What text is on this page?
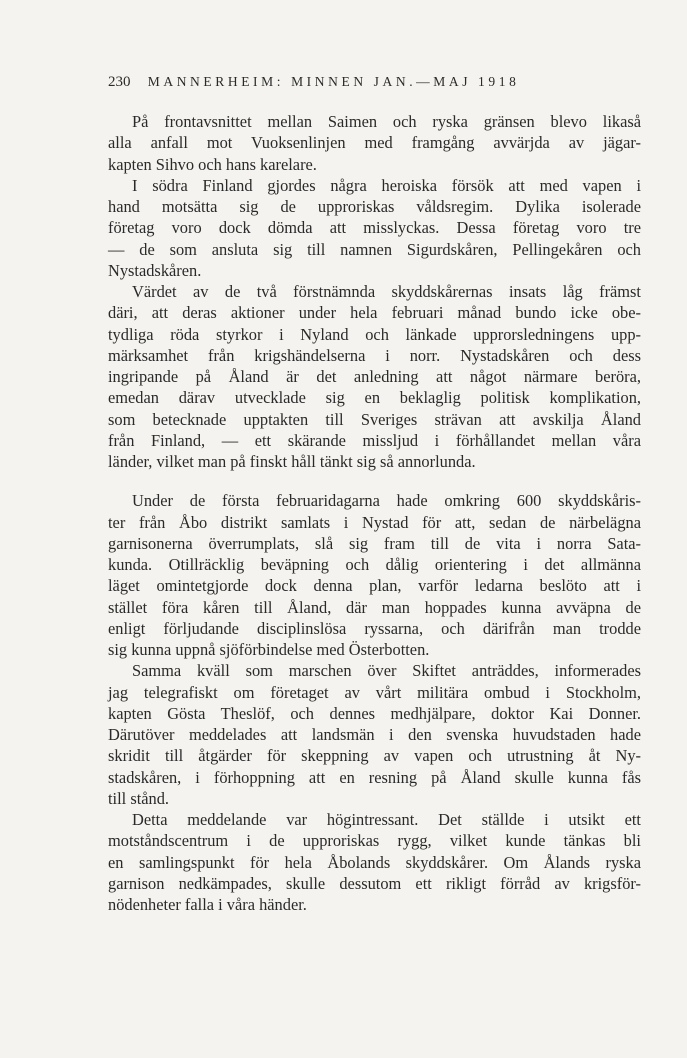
230 MANNERHEIM: MINNEN JAN.—MAJ 1918
På frontavsnittet mellan Saimen och ryska gränsen blevo likaså
alla anfall mot Vuoksenlinjen med framgång avvärjda av jägar-
kapten Sihvo och hans karelare.
I södra Finland gjordes några heroiska försök att med vapen i
hand motsätta sig de upproriskas våldsregim. Dylika isolerade
företag voro dock dömda att misslyckas. Dessa företag voro tre
— de som ansluta sig till namnen Sigurdskåren, Pellingekåren och
Nystadskåren.
Värdet av de två förstnämnda skyddskårernas insats låg främst
däri, att deras aktioner under hela februari månad bundo icke obe-
tydliga röda styrkor i Nyland och länkade upprorsledningens upp-
märksamhet från krigshändelserna i norr. Nystadskåren och dess
ingripande på Åland är det anledning att något närmare beröra,
emedan därav utvecklade sig en beklaglig politisk komplikation,
som betecknade upptakten till Sveriges strävan att avskilja Åland
från Finland, — ett skärande missljud i förhållandet mellan våra
länder, vilket man på finskt håll tänkt sig så annorlunda.
Under de första februaridagarna hade omkring 600 skyddskåris-
ter från Åbo distrikt samlats i Nystad för att, sedan de närbelägna
garnisonerna överrumplats, slå sig fram till de vita i norra Sata-
kunda. Otillräcklig beväpning och dålig orientering i det allmänna
läget omintetgjorde dock denna plan, varför ledarna beslöto att i
stället föra kåren till Åland, där man hoppades kunna avväpna de
enligt förljudande disciplinslösa ryssarna, och därifrån man trodde
sig kunna uppnå sjöförbindelse med Österbotten.
Samma kväll som marschen över Skiftet anträddes, informerades
jag telegrafiskt om företaget av vårt militära ombud i Stockholm,
kapten Gösta Theslöf, och dennes medhjälpare, doktor Kai Donner.
Därutöver meddelades att landsmän i den svenska huvudstaden hade
skridit till åtgärder för skeppning av vapen och utrustning åt Ny-
stadskåren, i förhoppning att en resning på Åland skulle kunna fås
till stånd.
Detta meddelande var högintressant. Det ställde i utsikt ett
motståndscentrum i de upproriskas rygg, vilket kunde tänkas bli
en samlingspunkt för hela Åbolands skyddskårer. Om Ålands ryska
garnison nedkämpades, skulle dessutom ett rikligt förråd av krigsför-
nödenheter falla i våra händer.
